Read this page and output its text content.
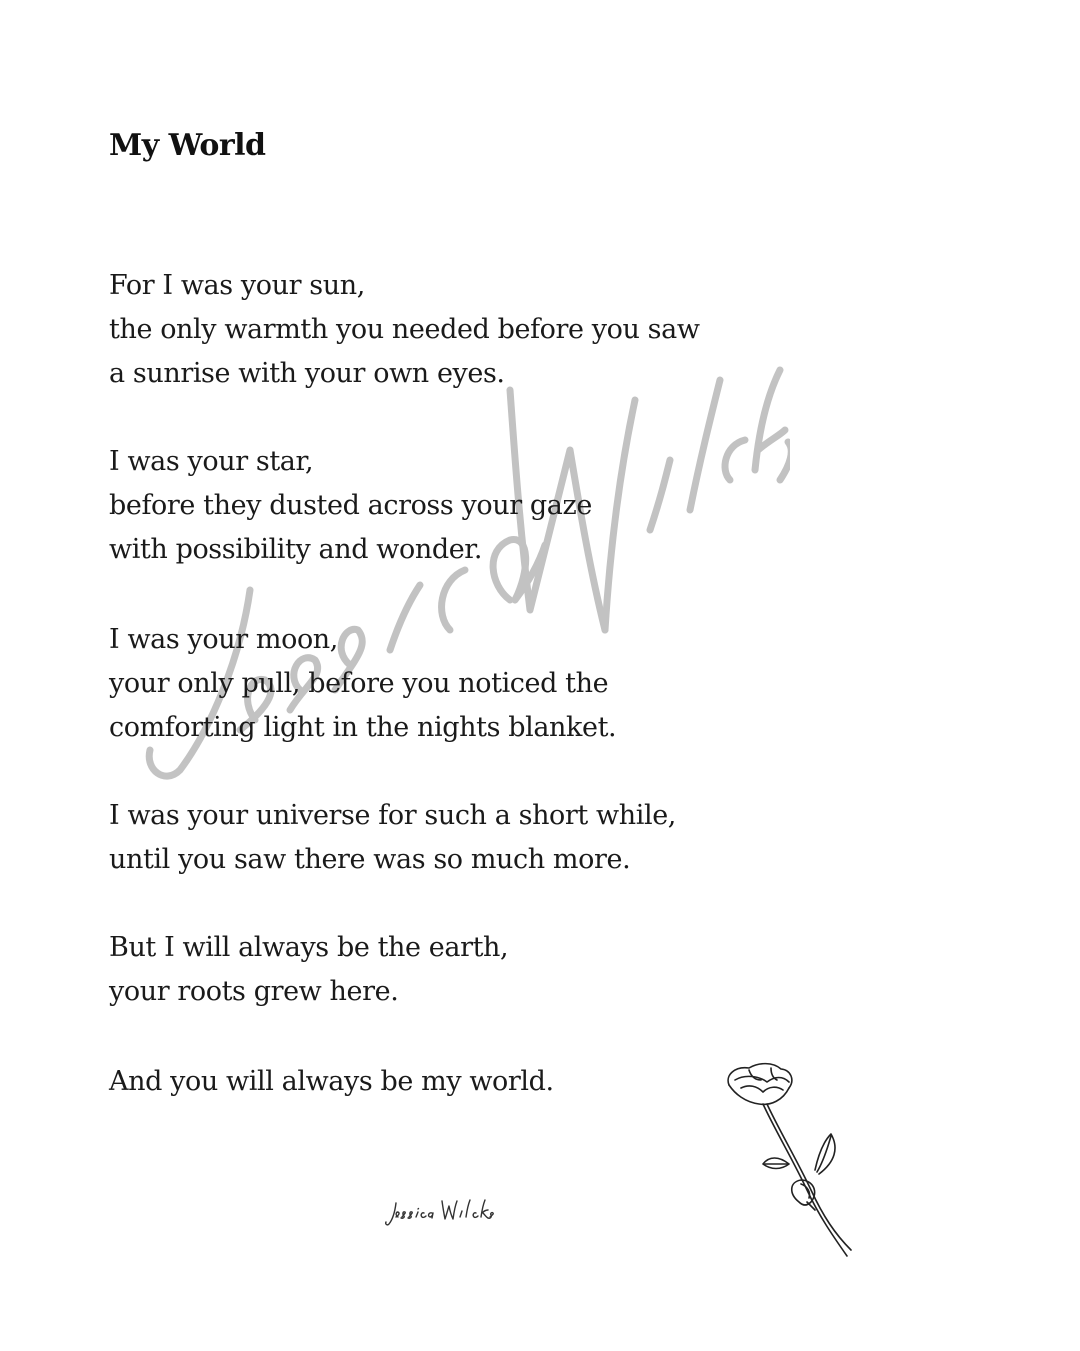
My World

For I was your sun,
the only warmth you needed before you saw
a sunrise with your own eyes.

I was your star,
before they dusted across your gaze
with possibility and wonder.

I was your moon,
your only pull, before you noticed the
comforting light in the nights blanket.

I was your universe for such a short while,
until you saw there was so much more.

But I will always be the earth,
your roots grew here.

And you will always be my world.
